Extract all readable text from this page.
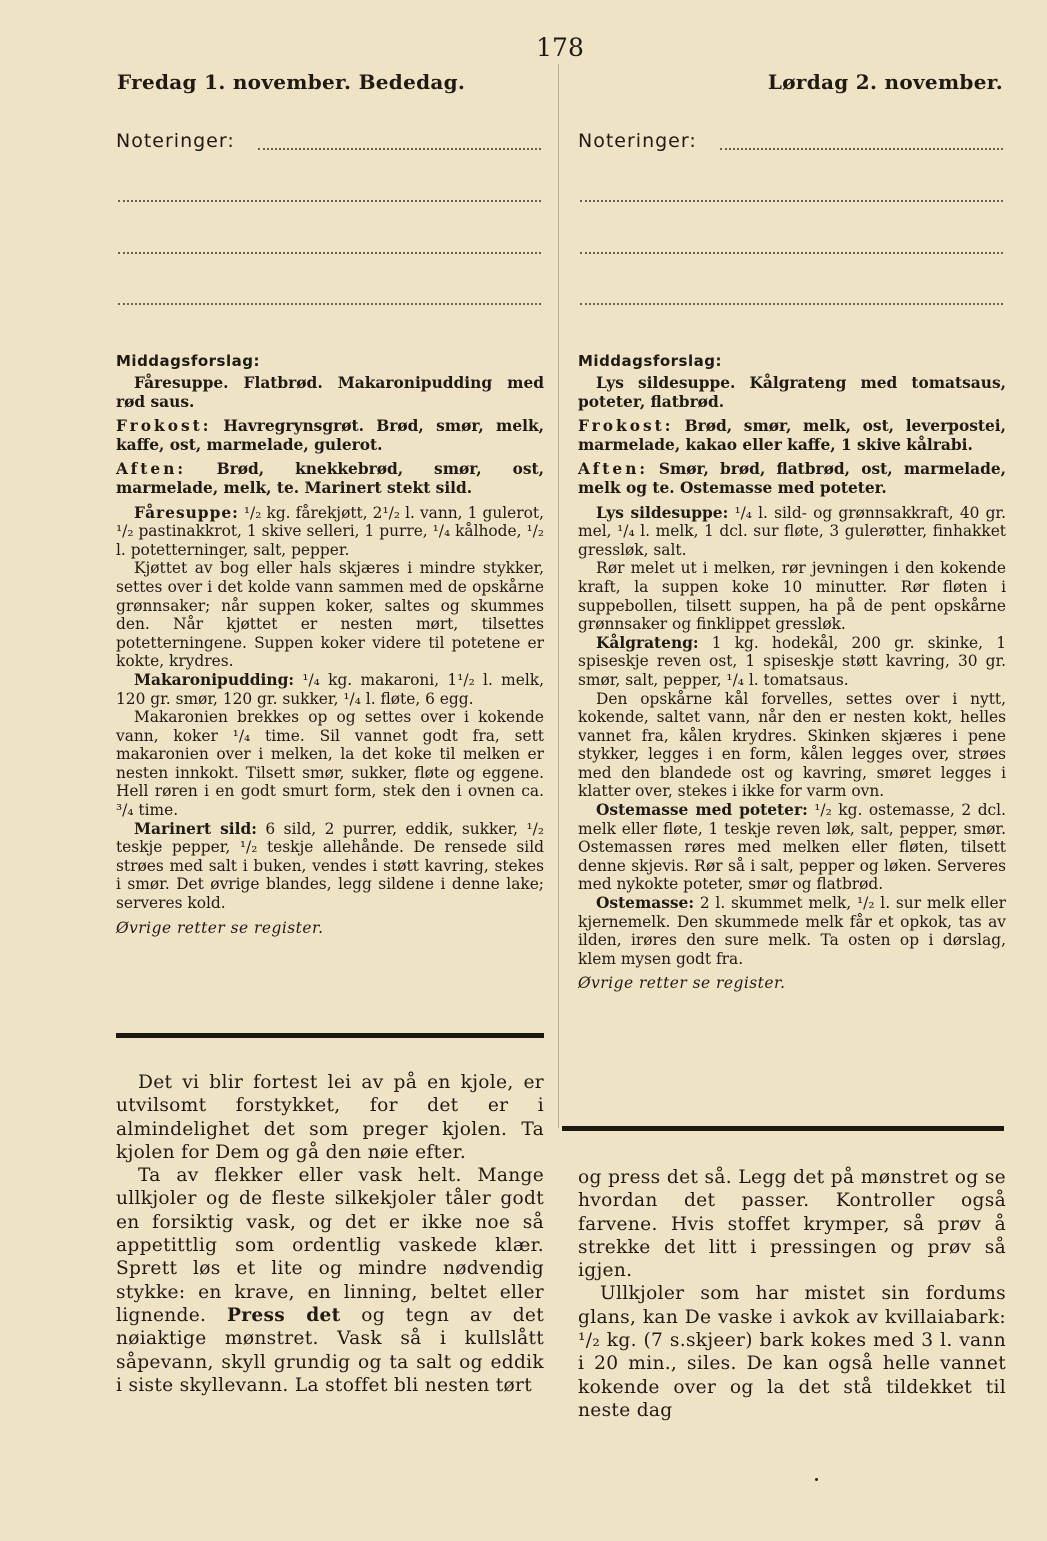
178
Fredag 1. november. Bededag.
Noteringer:
Middagsforslag:

Fåresuppe. Flatbrød. Makaronipudding med rød saus.

Frokost: Havregrynsgrøt. Brød, smør, melk, kaffe, ost, marmelade, gulerot.

Aften: Brød, knekkebrød, smør, ost, marmelade, melk, te. Marinert stekt sild.

Fåresuppe: ¹/₂ kg. fårekjøtt, 2¹/₂ l. vann, 1 gulerot, ¹/₂ pastinakkrot, 1 skive selleri, 1 purre, ¹/₄ kålhode, ¹/₂ l. potetterninger, salt, pepper.

Kjøttet av bog eller hals skjæres i mindre stykker, settes over i det kolde vann sammen med de opskårne grønnsaker; når suppen koker, saltes og skummes den. Når kjøttet er nesten mørt, tilsettes potetterningene. Suppen koker videre til potetene er kokte, krydres.

Makaronipudding: ¹/₄ kg. makaroni, 1¹/₂ l. melk, 120 gr. smør, 120 gr. sukker, ¹/₄ l. fløte, 6 egg.

Makaronien brekkes op og settes over i kokende vann, koker ¹/₄ time. Sil vannet godt fra, sett makaronien over i melken, la det koke til melken er nesten innkokt. Tilsett smør, sukker, fløte og eggene. Hell røren i en godt smurt form, stek den i ovnen ca. ³/₄ time.

Marinert sild: 6 sild, 2 purrer, eddik, sukker, ¹/₂ teskje pepper, ¹/₂ teskje allehånde. De rensede sild strøes med salt i buken, vendes i støtt kavring, stekes i smør. Det øvrige blandes, legg sildene i denne lake; serveres kold.

Øvrige retter se register.

Det vi blir fortest lei av på en kjole, er utvilsomt forstykket, for det er i almindelighet det som preger kjolen. Ta kjolen for Dem og gå den nøie efter.

Ta av flekker eller vask helt. Mange ullkjoler og de fleste silkekjoler tåler godt en forsiktig vask, og det er ikke noe så appetittlig som ordentlig vaskede klær. Sprett løs et lite og mindre nødvendig stykke: en krave, en linning, beltet eller lignende. Press det og tegn av det nøiaktige mønstret. Vask så i kullslått såpevann, skyll grundig og ta salt og eddik i siste skyllevann. La stoffet bli nesten tørt

Lørdag 2. november.
Noteringer:
Middagsforslag:

Lys sildesuppe. Kålgrateng med tomatsaus, poteter, flatbrød.

Frokost: Brød, smør, melk, ost, leverpostei, marmelade, kakao eller kaffe, 1 skive kålrabi.

Aften: Smør, brød, flatbrød, ost, marmelade, melk og te. Ostemasse med poteter.

Lys sildesuppe: ¹/₄ l. sild- og grønnsakkraft, 40 gr. mel, ¹/₄ l. melk, 1 dcl. sur fløte, 3 gulerøtter, finhakket gressløk, salt.

Rør melet ut i melken, rør jevningen i den kokende kraft, la suppen koke 10 minutter. Rør fløten i suppebollen, tilsett suppen, ha på de pent opskårne grønnsaker og finklippet gressløk.

Kålgrateng: 1 kg. hodekål, 200 gr. skinke, 1 spiseskje reven ost, 1 spiseskje støtt kavring, 30 gr. smør, salt, pepper, ¹/₄ l. tomatsaus.

Den opskårne kål forvelles, settes over i nytt, kokende, saltet vann, når den er nesten kokt, helles vannet fra, kålen krydres. Skinken skjæres i pene stykker, legges i en form, kålen legges over, strøes med den blandede ost og kavring, smøret legges i klatter over, stekes i ikke for varm ovn.

Ostemasse med poteter: ¹/₂ kg. ostemasse, 2 dcl. melk eller fløte, 1 teskje reven løk, salt, pepper, smør. Ostemassen røres med melken eller fløten, tilsett denne skjevis. Rør så i salt, pepper og løken. Serveres med nykokte poteter, smør og flatbrød.

Ostemasse: 2 l. skummet melk, ¹/₂ l. sur melk eller kjernemelk. Den skummede melk får et opkok, tas av ilden, irøres den sure melk. Ta osten op i dørslag, klem mysen godt fra.

Øvrige retter se register.

og press det så. Legg det på mønstret og se hvordan det passer. Kontroller også farvene. Hvis stoffet krymper, så prøv å strekke det litt i pressingen og prøv så igjen.

Ullkjoler som har mistet sin fordums glans, kan De vaske i avkok av kvillaiabark: ¹/₂ kg. (7 s.skjeer) bark kokes med 3 l. vann i 20 min., siles. De kan også helle vannet kokende over og la det stå tildekket til neste dag
